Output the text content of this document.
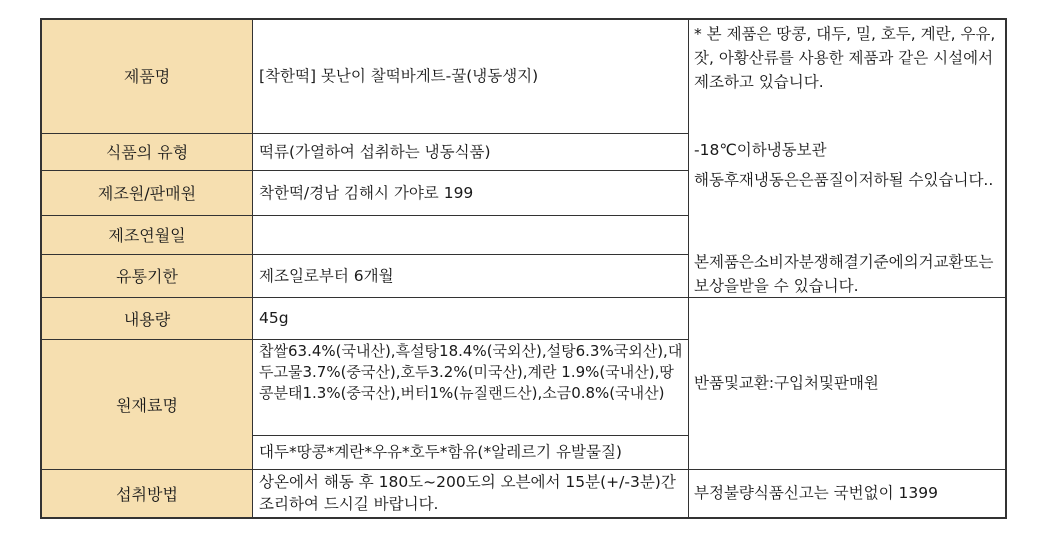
제품명
식품의 유형
제조원/판매원
제조연월일
유통기한
내용량
원재료명
섭취방법
[착한떡] 못난이 찰떡바게트-꿀(냉동생지)
떡류(가열하여 섭취하는 냉동식품)
착한떡/경남 김해시 가야로 199
제조일로부터 6개월
45g
찹쌀63.4%(국내산),흑설탕18.4%(국외산),설탕6.3%국외산),대두고물3.7%(중국산),호두3.2%(미국산),계란 1.9%(국내산),땅콩분태1.3%(중국산),버터1%(뉴질랜드산),소금0.8%(국내산)
대두*땅콩*계란*우유*호두*함유(*알레르기 유발물질)
상온에서 해동 후 180도~200도의 오븐에서 15분(+/-3분)간 조리하여 드시길 바랍니다.
* 본 제품은 땅콩, 대두, 밀, 호두, 계란, 우유, 잣, 아황산류를 사용한 제품과 같은 시설에서 제조하고 있습니다.
-18℃이하냉동보관
해동후재냉동은은품질이저하될 수있습니다..
본제품은소비자분쟁해결기준에의거교환또는보상을받을 수 있습니다.
반품및교환:구입처및판매원
부정불량식품신고는 국번없이 1399
